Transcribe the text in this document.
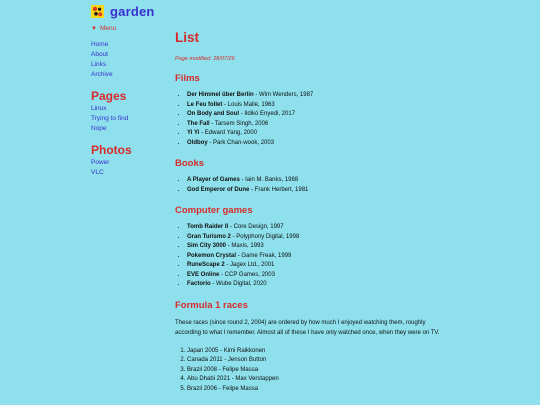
garden
▼ Menu
Home
About
Links
Archive
Pages
Linux
Trying to find
Nope
Photos
Power
VLC
List
Page modified: 28/07/26
Films
• Der Himmel über Berlin - Wim Wenders, 1987
• Le Feu follet - Louis Malle, 1963
• On Body and Soul - Ildikó Enyedi, 2017
• The Fall - Tarsem Singh, 2006
• Yi Yi - Edward Yang, 2000
• Oldboy - Park Chan-wook, 2003
Books
• A Player of Games - Iain M. Banks, 1988
• God Emperor of Dune - Frank Herbert, 1981
Computer games
• Tomb Raider II - Core Design, 1997
• Gran Turismo 2 - Polyphony Digital, 1998
• Sim City 3000 - Maxis, 1993
• Pokemon Crystal - Game Freak, 1999
• RuneScape 2 - Jagex Ltd., 2001
• EVE Online - CCP Games, 2003
• Factorio - Wube Digital, 2020
Formula 1 races

These races (since round 2, 2004) are ordered by how much I enjoyed watching them, roughly according to what I remember. Almost all of these I have only watched once, when they were on TV.

1. Japan 2005 - Kimi Raikkonen
2. Canada 2011 - Jenson Button
3. Brazil 2008 - Felipe Massa
4. Abu Dhabi 2021 - Max Verstappen
5. Brazil 2006 - Felipe Massa
